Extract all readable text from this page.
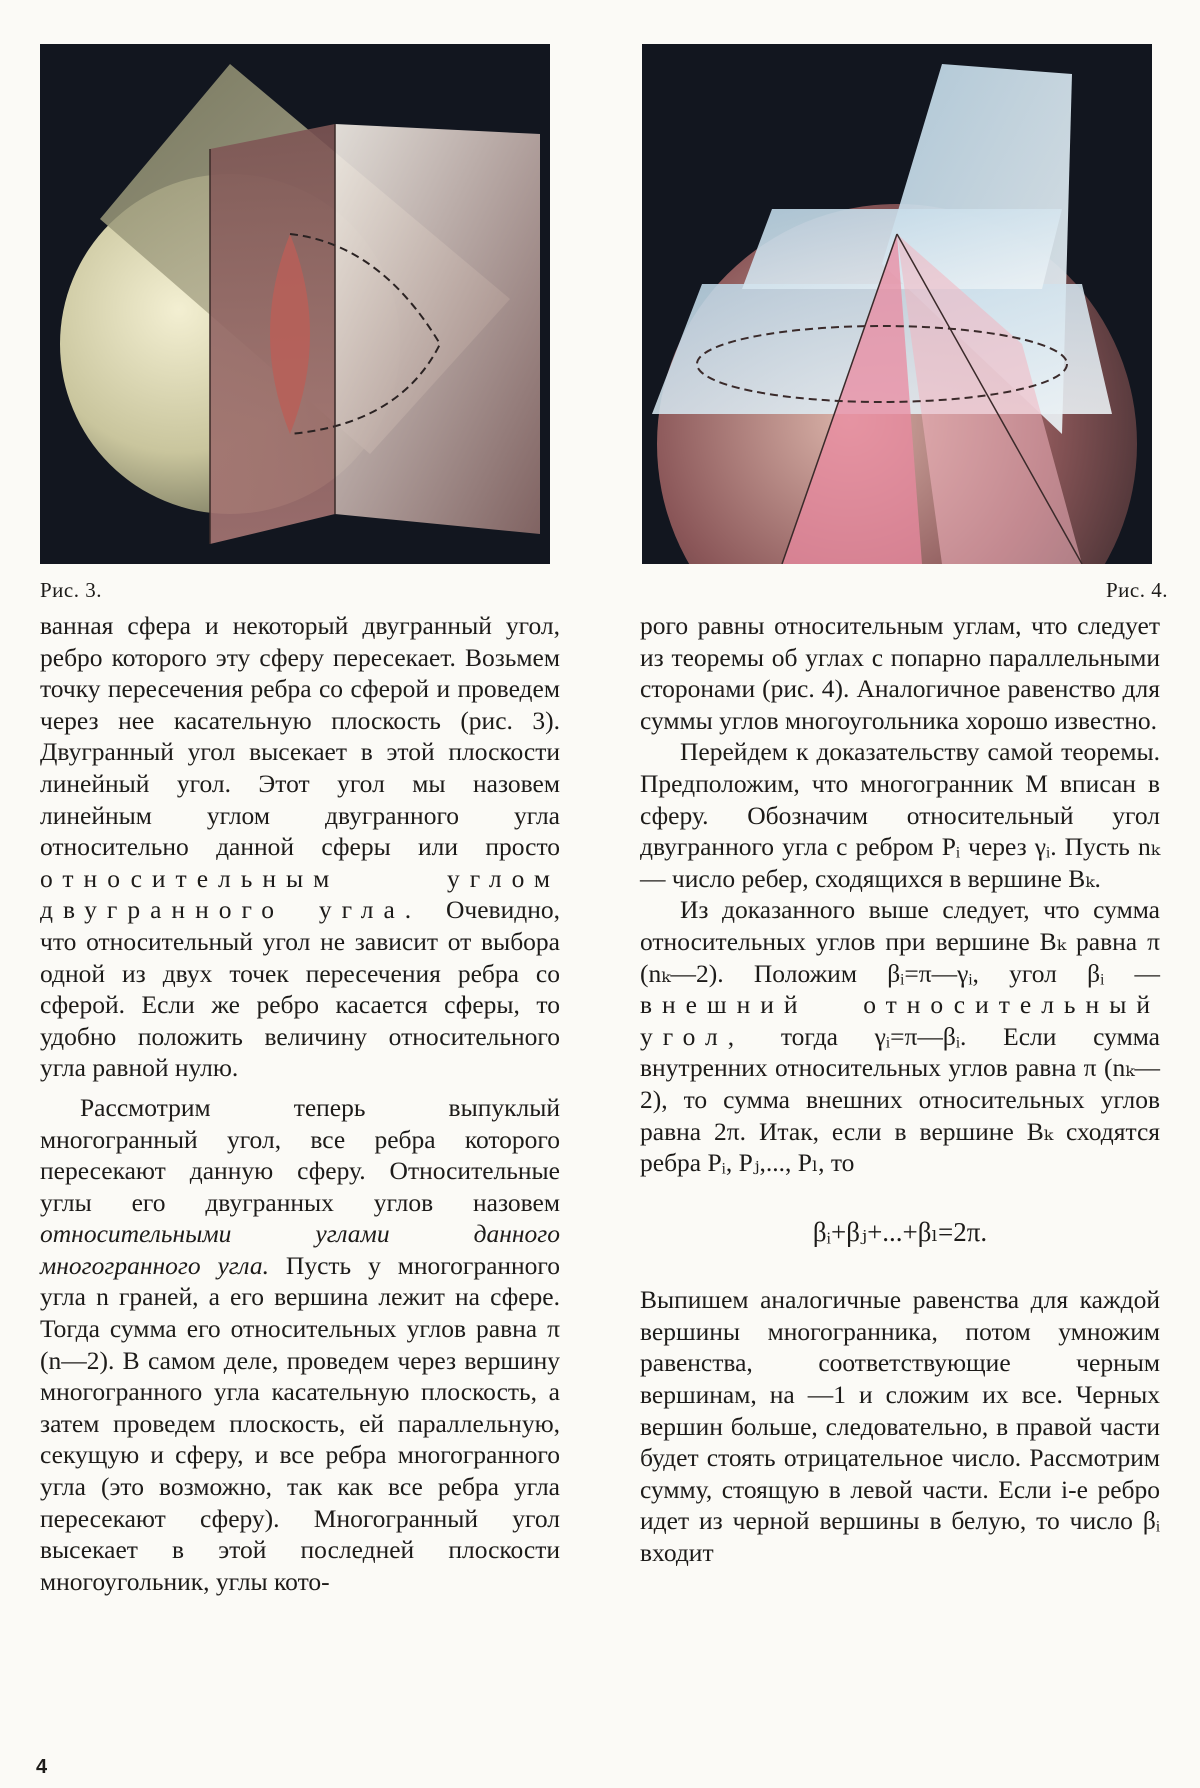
Рис. 3.	Рис. 4.

ванная сфера и некоторый двугранный угол, ребро которого эту сферу пересекает. Возьмем точку пересечения ребра со сферой и проведем через нее касательную плоскость (рис. 3). Двугранный угол высекает в этой плоскости линейный угол. Этот угол мы назовем линейным углом двугранного угла относительно данной сферы или просто относительным углом двугранного угла. Очевидно, что относительный угол не зависит от выбора одной из двух точек пересечения ребра со сферой. Если же ребро касается сферы, то удобно положить величину относительного угла равной нулю.

Рассмотрим теперь выпуклый многогранный угол, все ребра которого пересекают данную сферу. Относительные углы его двугранных углов назовем относительными углами данного многогранного угла. Пусть у многогранного угла n граней, а его вершина лежит на сфере. Тогда сумма его относительных углов равна π (n—2). В самом деле, проведем через вершину многогранного угла касательную плоскость, а затем проведем плоскость, ей параллельную, секущую и сферу, и все ребра многогранного угла (это возможно, так как все ребра угла пересекают сферу). Многогранный угол высекает в этой последней плоскости многоугольник, углы кото-

рого равны относительным углам, что следует из теоремы об углах с попарно параллельными сторонами (рис. 4). Аналогичное равенство для суммы углов многоугольника хорошо известно.

Перейдем к доказательству самой теоремы. Предположим, что многогранник M вписан в сферу. Обозначим относительный угол двугранного угла с ребром Pᵢ через γᵢ. Пусть nₖ — число ребер, сходящихся в вершине Bₖ.

Из доказанного выше следует, что сумма относительных углов при вершине Bₖ равна π (nₖ—2). Положим βᵢ=π—γᵢ, угол βᵢ — внешний относительный угол, тогда γᵢ=π—βᵢ. Если сумма внутренних относительных углов равна π (nₖ—2), то сумма внешних относительных углов равна 2π. Итак, если в вершине Bₖ сходятся ребра Pᵢ, Pⱼ,..., Pₗ, то

βᵢ+βⱼ+...+βₗ=2π.

Выпишем аналогичные равенства для каждой вершины многогранника, потом умножим равенства, соответствующие черным вершинам, на —1 и сложим их все. Черных вершин больше, следовательно, в правой части будет стоять отрицательное число. Рассмотрим сумму, стоящую в левой части. Если i-е ребро идет из черной вершины в белую, то число βᵢ входит

4
